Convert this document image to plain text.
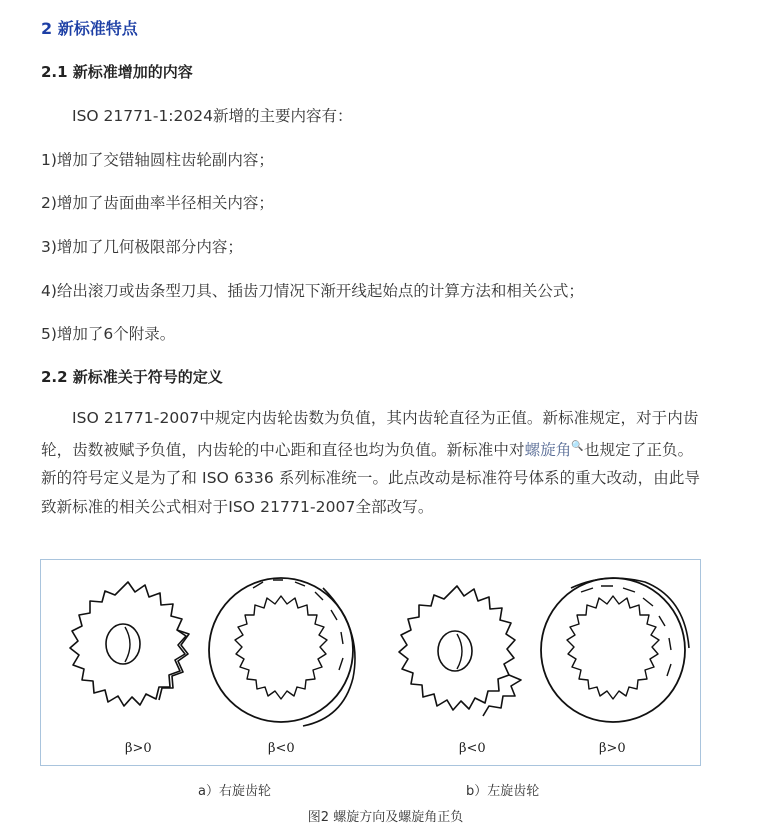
2 新标准特点
2.1 新标准增加的内容
ISO 21771-1:2024新增的主要内容有：
1)增加了交错轴圆柱齿轮副内容；
2)增加了齿面曲率半径相关内容；
3)增加了几何极限部分内容；
4)给出滚刀或齿条型刀具、插齿刀情况下渐开线起始点的计算方法和相关公式；
5)增加了6个附录。
2.2 新标准关于符号的定义
ISO 21771-2007中规定内齿轮齿数为负值，其内齿轮直径为正值。新标准规定，对于内齿轮，齿数被赋予负值，内齿轮的中心距和直径也均为负值。新标准中对螺旋角🔍也规定了正负。新的符号定义是为了和 ISO 6336 系列标准统一。此点改动是标准符号体系的重大改动，由此导致新标准的相关公式相对于ISO 21771-2007全部改写。
β>0	β<0	β<0	β>0
a）右旋齿轮	b）左旋齿轮
图2 螺旋方向及螺旋角正负
